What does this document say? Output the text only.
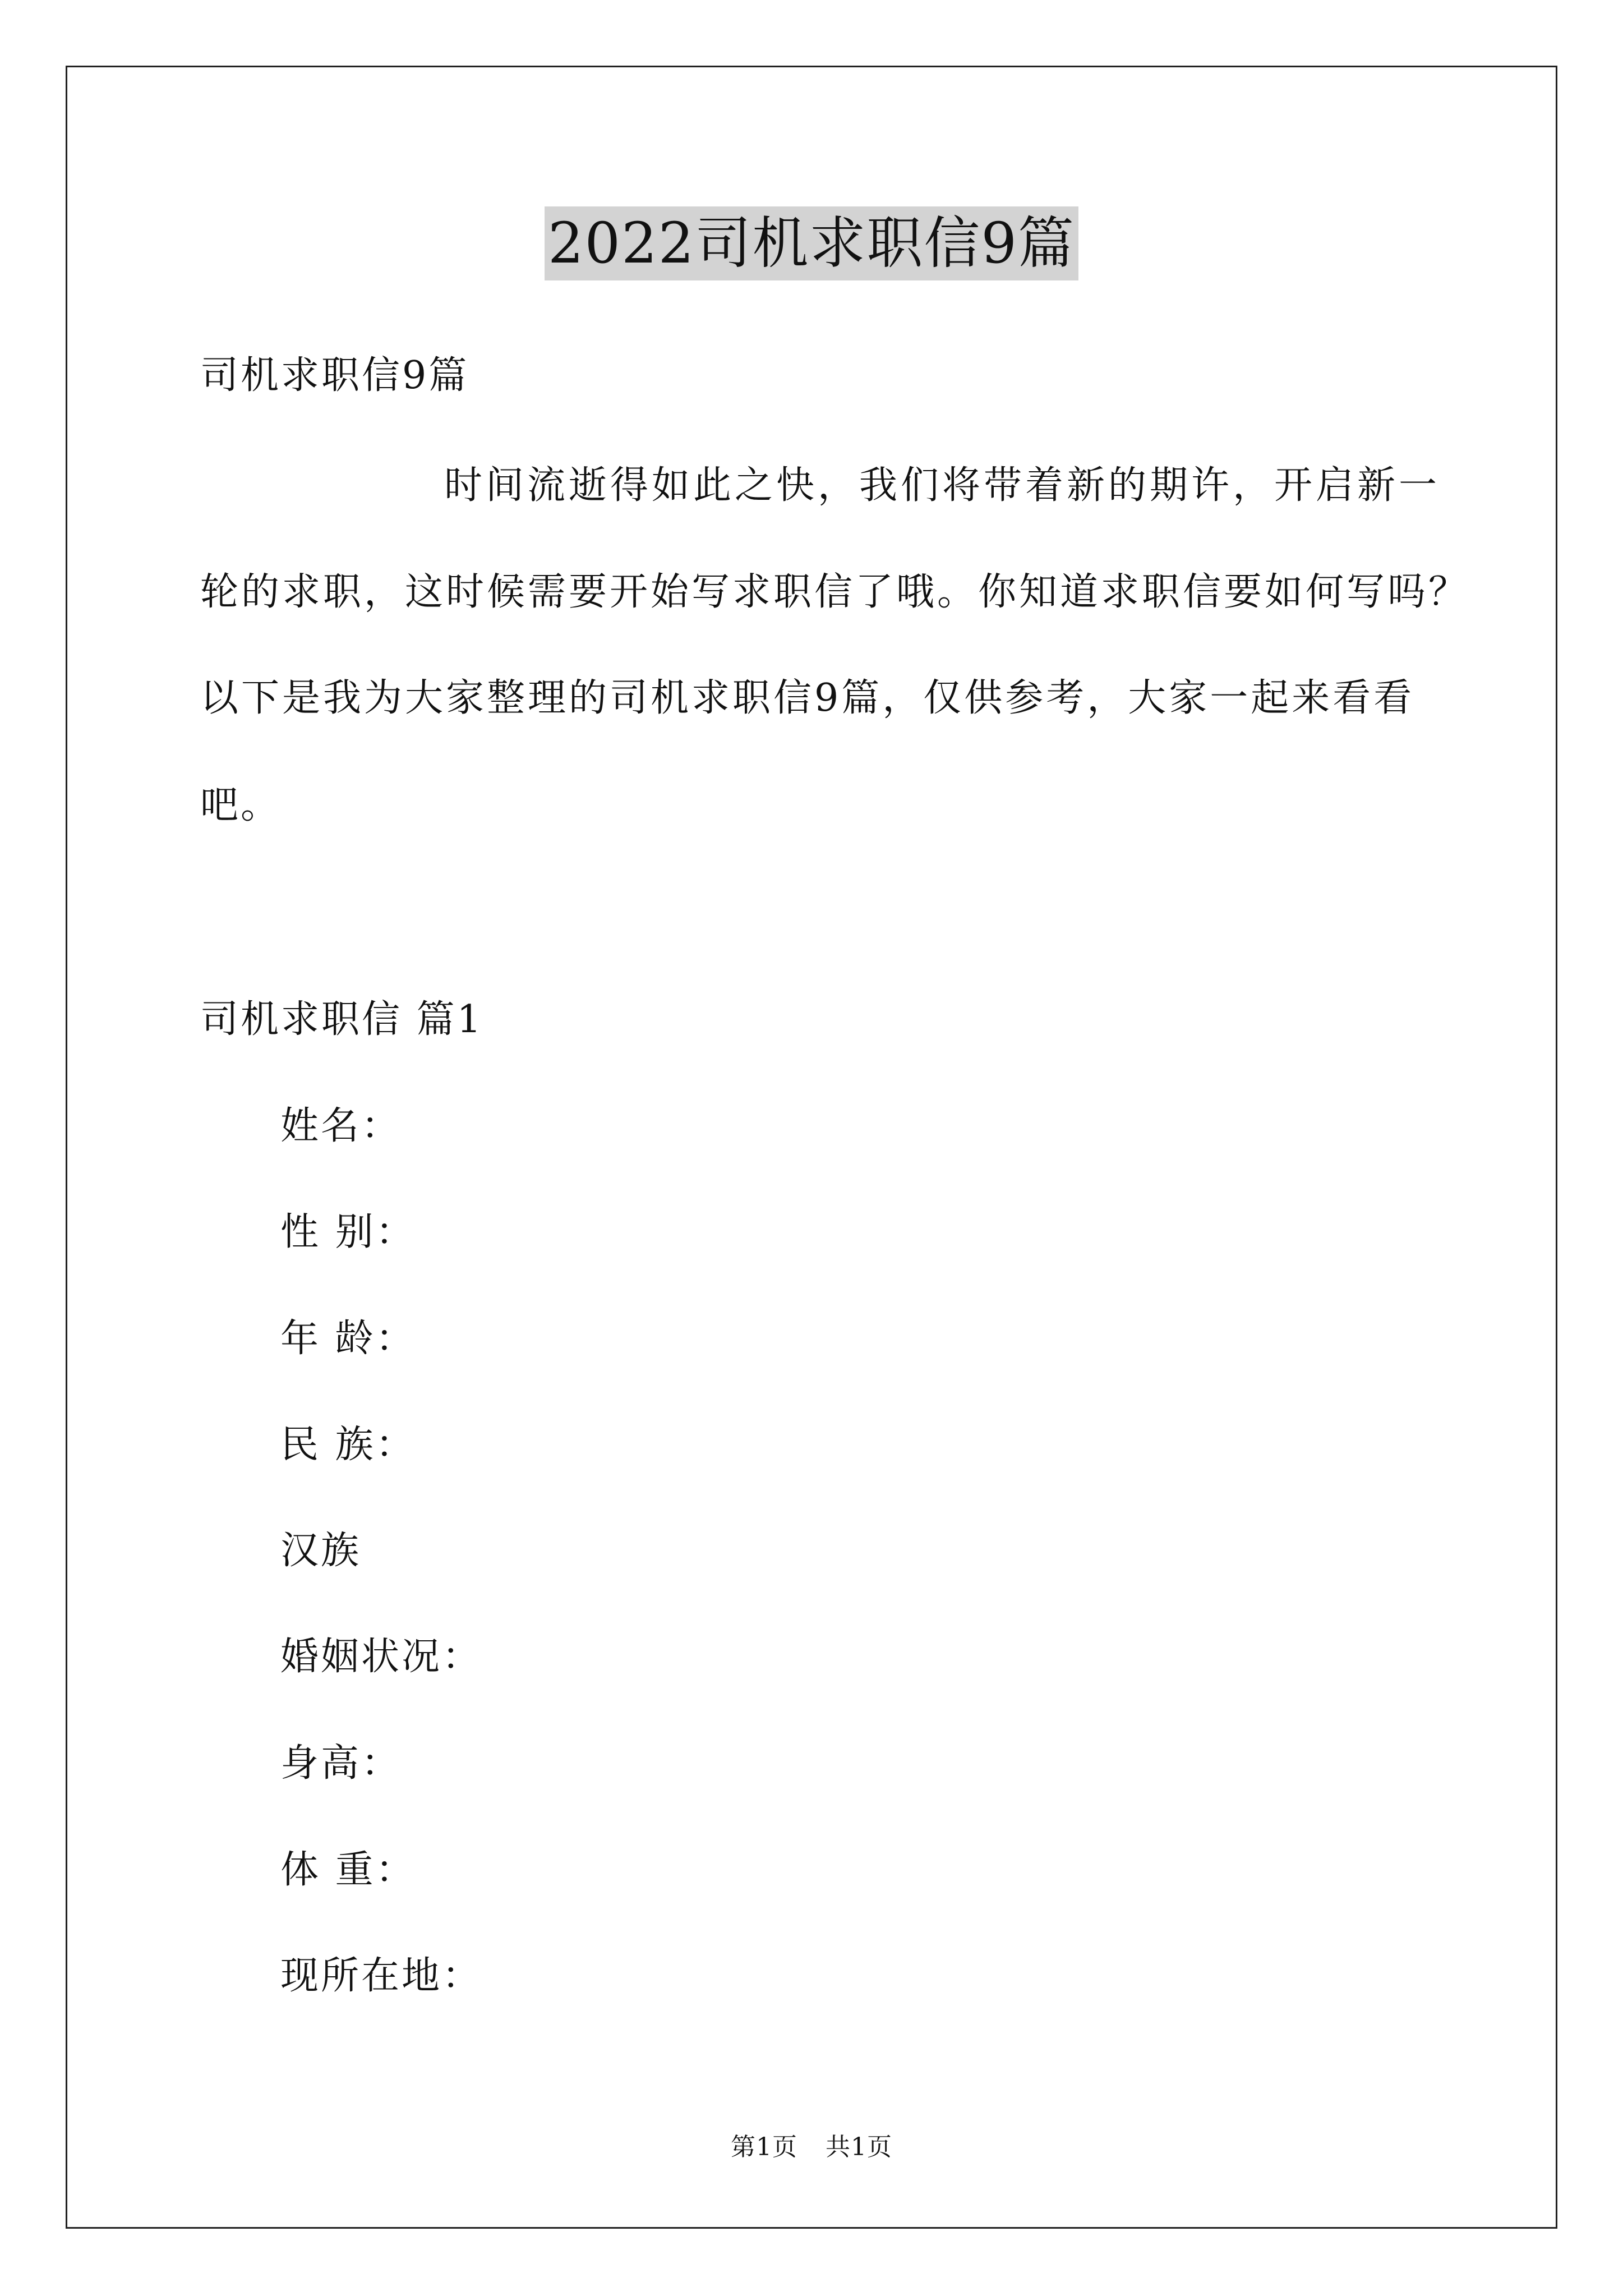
2022司机求职信9篇
司机求职信9篇
时间流逝得如此之快，我们将带着新的期许，开启新一
轮的求职，这时候需要开始写求职信了哦。你知道求职信要如何写吗？
以下是我为大家整理的司机求职信9篇，仅供参考，大家一起来看看
吧。
司机求职信 篇1
姓名：
性 别：
年 龄：
民 族：
汉族
婚姻状况：
身高：
体 重：
现所在地：
第1页 共1页
